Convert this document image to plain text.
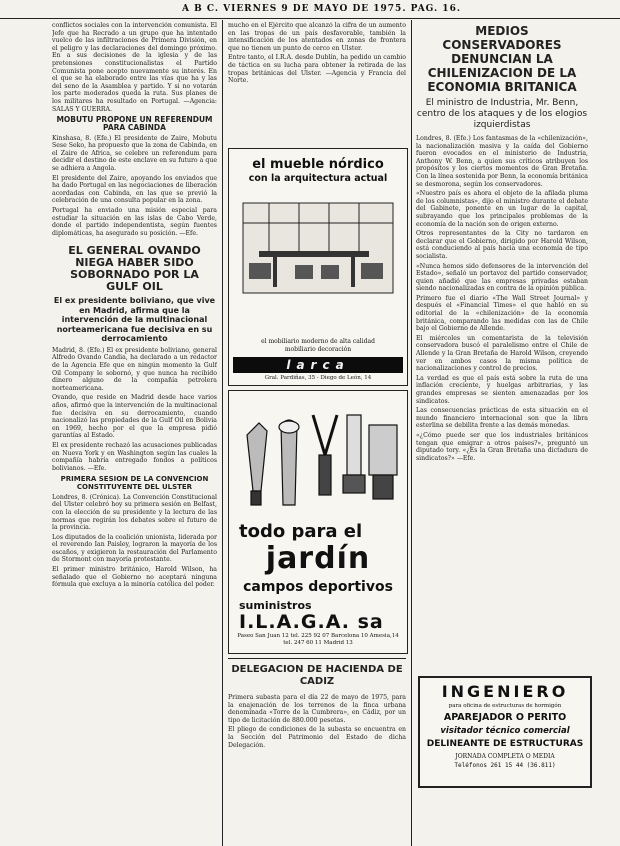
A B C. VIERNES 9 DE MAYO DE 1975. PAG. 16.

conflictos sociales con la intervención comunista. El Jefe que ha Recrado a un grupo que ha intentado vuelco de las infiltraciones de Primera División, en el peligro y las declaraciones del domingo próximo. En a sus decisiones de la iglesia y de las pretensiones constitucionalistas el Partido Comunista pone acepto nuevamente su interés. En el que se ha elaborado entre las vías que ha y las del seno de la Asamblea y partido. Y si no votarán los parte moderados queda la ruta. Sus planes de los militares ha resultado en Portugal. —Agencia: SALAS Y GUERRA.

MOBUTU PROPONE UN REFERENDUM PARA CABINDA

Kinshasa, 8. (Efe.) El presidente de Zaire, Mobutu Sese Seko, ha propuesto que la zona de Cabinda, en el Zaire de Africa, se celebre un referendum para decidir el destino de este enclave en su futuro a que se adhiera a Angola.

El presidente del Zaire, apoyando los enviados que ha dado Portugal en las negociaciones de liberación acordadas con Cabinda, en las que se previó la celebración de una consulta popular en la zona.

Portugal ha enviado una misión especial para estudiar la situación en las islas de Cabo Verde, donde el partido independentista, según fuentes diplomáticas, ha asegurado su posición. —Efe.

EL GENERAL OVANDO NIEGA HABER SIDO SOBORNADO POR LA GULF OIL
El ex presidente boliviano, que vive en Madrid, afirma que la intervención de la multinacional norteamericana fue decisiva en su derrocamiento

Madrid, 8. (Efe.) El ex presidente boliviano, general Alfredo Ovando Candia, ha declarado a un redactor de la Agencia Efe que en ningún momento la Gulf Oil Company le sobornó, y que nunca ha recibido dinero alguno de la compañía petrolera norteamericana.

Ovando, que reside en Madrid desde hace varios años, afirmó que la intervención de la multinacional fue decisiva en su derrocamiento, cuando nacionalizó las propiedades de la Gulf Oil en Bolivia en 1969, hecho por el que la empresa pidió garantías al Estado.

El ex presidente rechazó las acusaciones publicadas en Nueva York y en Washington según las cuales la compañía habría entregado fondos a políticos bolivianos. —Efe.

PRIMERA SESION DE LA CONVENCION CONSTITUYENTE DEL ULSTER

Londres, 8. (Crónica). La Convención Constitucional del Ulster celebró hoy su primera sesión en Belfast, con la elección de su presidente y la lectura de las normas que regirán los debates sobre el futuro de la provincia.

Los diputados de la coalición unionista, liderada por el reverendo Ian Paisley, lograron la mayoría de los escaños, y exigieron la restauración del Parlamento de Stormont con mayoría protestante.

El primer ministro británico, Harold Wilson, ha señalado que el Gobierno no aceptará ninguna fórmula que excluya a la minoría católica del poder.

mucho en el Ejército que alcanzó la cifra de un aumento en las tropas de un país desfavorable, también la intensificación de los atentados en zonas de frontera que no tienen un punto de cerco en Ulster.

Entre tanto, el I.R.A. desde Dublín, ha pedido un cambio de táctica en su lucha para obtener la retirada de las tropas británicas del Ulster. —Agencia y Francia del Norte.

el mueble nórdico
con la arquitectura actual
el mobiliario moderno de alta calidad
mobiliario decoración
larca
Gral. Pardiñas, 35 - Diego de León, 14
todo para el
jardín
campos deportivos
suministros
I.L.A.G.A. sa
Paseo San Juan 12 tel. 225 92 07 Barcelona 10 Amesia,14 tel. 247 60 11 Madrid 13
DELEGACION DE HACIENDA DE CADIZ

Primera subasta para el día 22 de mayo de 1975, para la enajenación de los terrenos de la finca urbana denominada «Torre de la Cumbrera», en Cádiz, por un tipo de licitación de 880.000 pesetas.

El pliego de condiciones de la subasta se encuentra en la Sección del Patrimonio del Estado de dicha Delegación.

MEDIOS CONSERVADORES DENUNCIAN LA CHILENIZACION DE LA ECONOMIA BRITANICA
El ministro de Industria, Mr. Benn, centro de los ataques y de los elogios izquierdistas

Londres, 8. (Efe.) Los fantasmas de la «chilenización», la nacionalización masiva y la caída del Gobierno fueron evocados en el ministerio de Industria, Anthony W. Benn, a quien sus críticos atribuyen los propósitos y los ciertos momentos de Gran Bretaña. Con la línea sostenida por Benn, la economía británica se desmorona, según los conservadores.

«Nuestro país es ahora el objeto de la afilada pluma de los columnistas», dijo el ministro durante el debate del Gabinete, ponente en un lugar de la capital, subrayando que los principales problemas de la economía de la nación son de origen externo.

Otros representantes de la City no tardaron en declarar que el Gobierno, dirigido por Harold Wilson, está conduciendo al país hacia una economía de tipo socialista.

«Nunca hemos sido defensores de la intervención del Estado», señaló un portavoz del partido conservador, quien añadió que las empresas privadas estaban siendo nacionalizadas en contra de la opinión pública.

Primero fue el diario «The Wall Street Journal» y después el «Financial Times» el que habló en su editorial de la «chilenización» de la economía británica, comparando las medidas con las de Chile bajo el Gobierno de Allende.

El miércoles un comentarista de la televisión conservadora buscó el paralelismo entre el Chile de Allende y la Gran Bretaña de Harold Wilson, creyendo ver en ambos casos la misma política de nacionalizaciones y control de precios.

La verdad es que el país está sobre la ruta de una inflación creciente, y huelgas arbitrarias, y las grandes empresas se sienten amenazadas por los sindicatos.

Las consecuencias prácticas de esta situación en el mundo financiero internacional son que la libra esterlina se debilita frente a las demás monedas.

«¿Cómo puede ser que los industriales británicos tengan que emigrar a otros países?», preguntó un diputado tory. «¿Es la Gran Bretaña una dictadura de sindicatos?» —Efe.

INGENIERO
para oficina de estructuras de hormigón
APAREJADOR O PERITO
visitador técnico comercial
DELINEANTE DE ESTRUCTURAS
JORNADA COMPLETA O MEDIA
Teléfonos 261 15 44 (36.811)
